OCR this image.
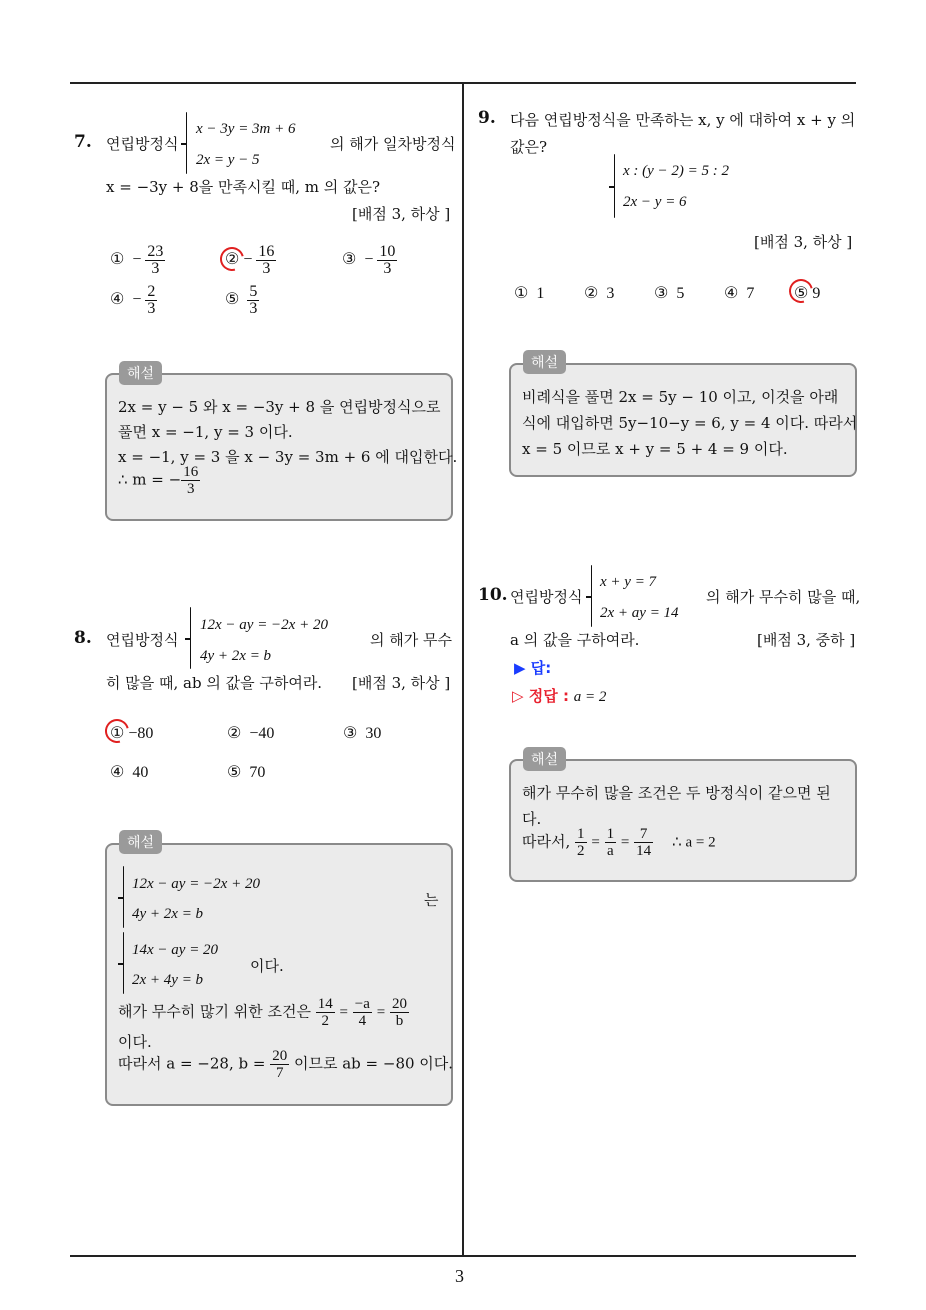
3
7. 연립방정식
x − 3y = 3m + 6
2x = y − 5
의 해가 일차방정식
x = −3y + 8을 만족시킬 때, m 의 값은?
[배점 3, 하상 ]
① − $\frac{23}{3}$	② − $\frac{16}{3}$	③ − $\frac{10}{3}$
④ − $\frac{2}{3}$	⑤ $\frac{5}{3}$
해설
2x = y − 5 와 x = −3y + 8 을 연립방정식으로
풀면 x = −1, y = 3 이다.
x = −1, y = 3 을 x − 3y = 3m + 6 에 대입한다.
∴ m = − $\frac{16}{3}$
8. 연립방정식
12x − ay = −2x + 20
4y + 2x = b
의 해가 무수
히 많을 때, ab 의 값을 구하여라. [배점 3, 하상 ]
① −80	② −40	③ 30
④ 40	⑤ 70
해설
12x − ay = −2x + 20
4y + 2x = b
는
14x − ay = 20
2x + 4y = b
이다.
해가 무수히 많기 위한 조건은 $\frac{14}{2} = \frac{-a}{4} = \frac{20}{b}$
이다.
따라서 a = −28, $b = \frac{20}{7}$ 이므로 ab = −80 이다.
9. 다음 연립방정식을 만족하는 x, y 에 대하여 x + y 의
값은?
x : (y − 2) = 5 : 2
2x − y = 6
[배점 3, 하상 ]
① 1 ② 3 ③ 5 ④ 7 ⑤ 9
해설
비례식을 풀면 2x = 5y − 10 이고, 이것을 아래
식에 대입하면 5y−10−y = 6, y = 4 이다. 따라서
x = 5 이므로 x + y = 5 + 4 = 9 이다.
10. 연립방정식
x + y = 7
2x + ay = 14
의 해가 무수히 많을 때,
a 의 값을 구하여라.	[배점 3, 중하 ]
▶ 답:
▷ 정답 : a = 2
해설
해가 무수히 많을 조건은 두 방정식이 같으면 된
다.
따라서, $\frac{1}{2} = \frac{1}{a} = \frac{7}{14}$ ∴ a = 2
